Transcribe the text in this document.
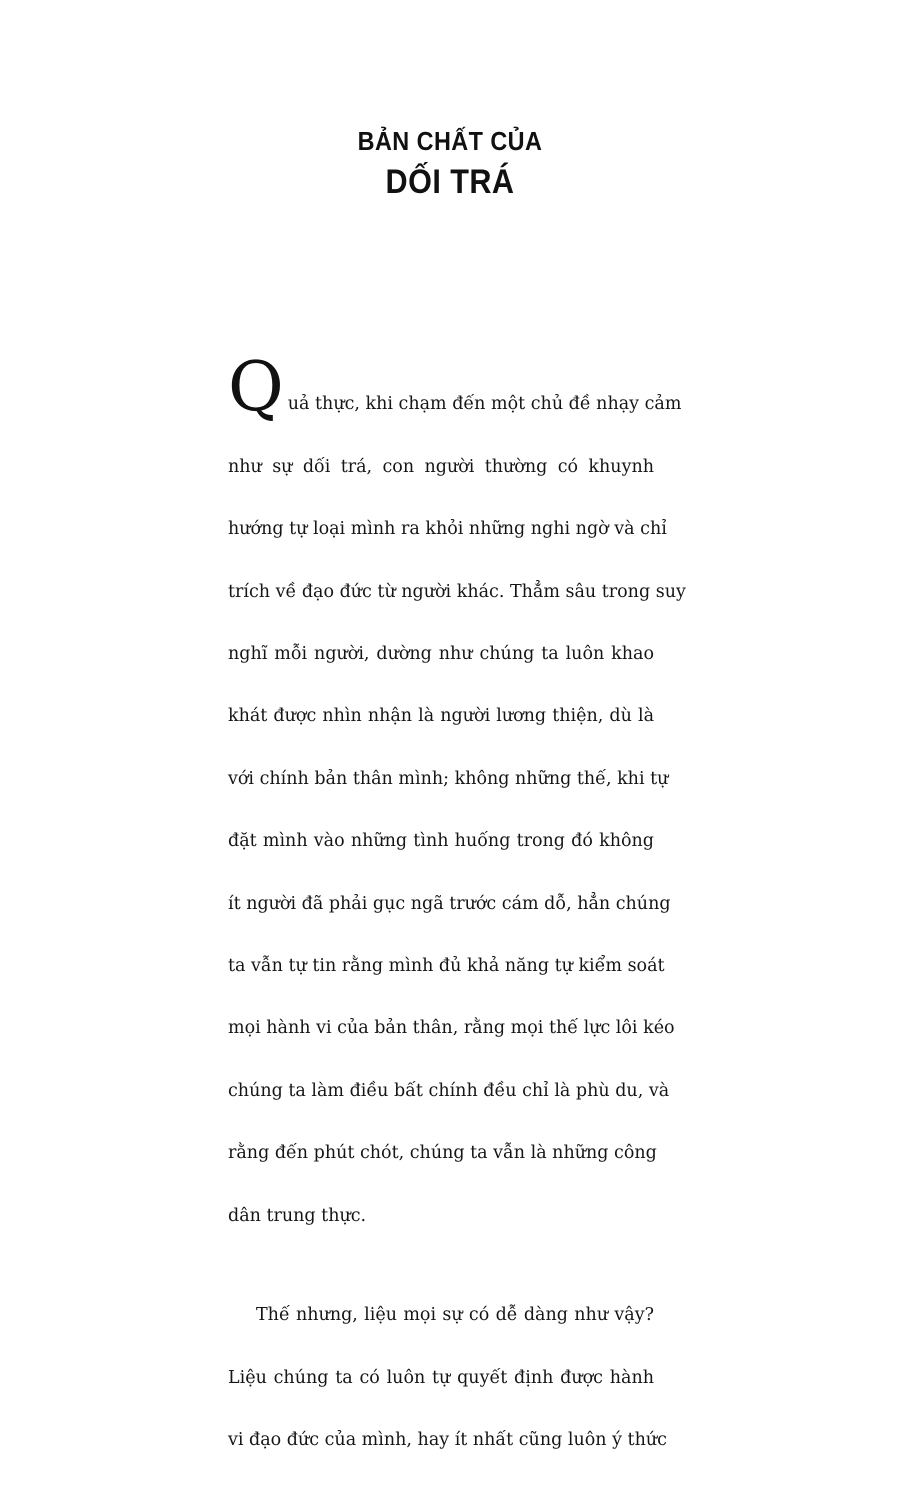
BẢN CHẤT CỦA
DỐI TRÁ

Q uả thực, khi chạm đến một chủ đề nhạy cảm

như sự dối trá, con người thường có khuynh

hướng tự loại mình ra khỏi những nghi ngờ và chỉ

trích về đạo đức từ người khác. Thẳm sâu trong suy

nghĩ mỗi người, dường như chúng ta luôn khao

khát được nhìn nhận là người lương thiện, dù là

với chính bản thân mình; không những thế, khi tự

đặt mình vào những tình huống trong đó không

ít người đã phải gục ngã trước cám dỗ, hẳn chúng

ta vẫn tự tin rằng mình đủ khả năng tự kiểm soát

mọi hành vi của bản thân, rằng mọi thế lực lôi kéo

chúng ta làm điều bất chính đều chỉ là phù du, và

rằng đến phút chót, chúng ta vẫn là những công

dân trung thực.

Thế nhưng, liệu mọi sự có dễ dàng như vậy?

Liệu chúng ta có luôn tự quyết định được hành

vi đạo đức của mình, hay ít nhất cũng luôn ý thức
